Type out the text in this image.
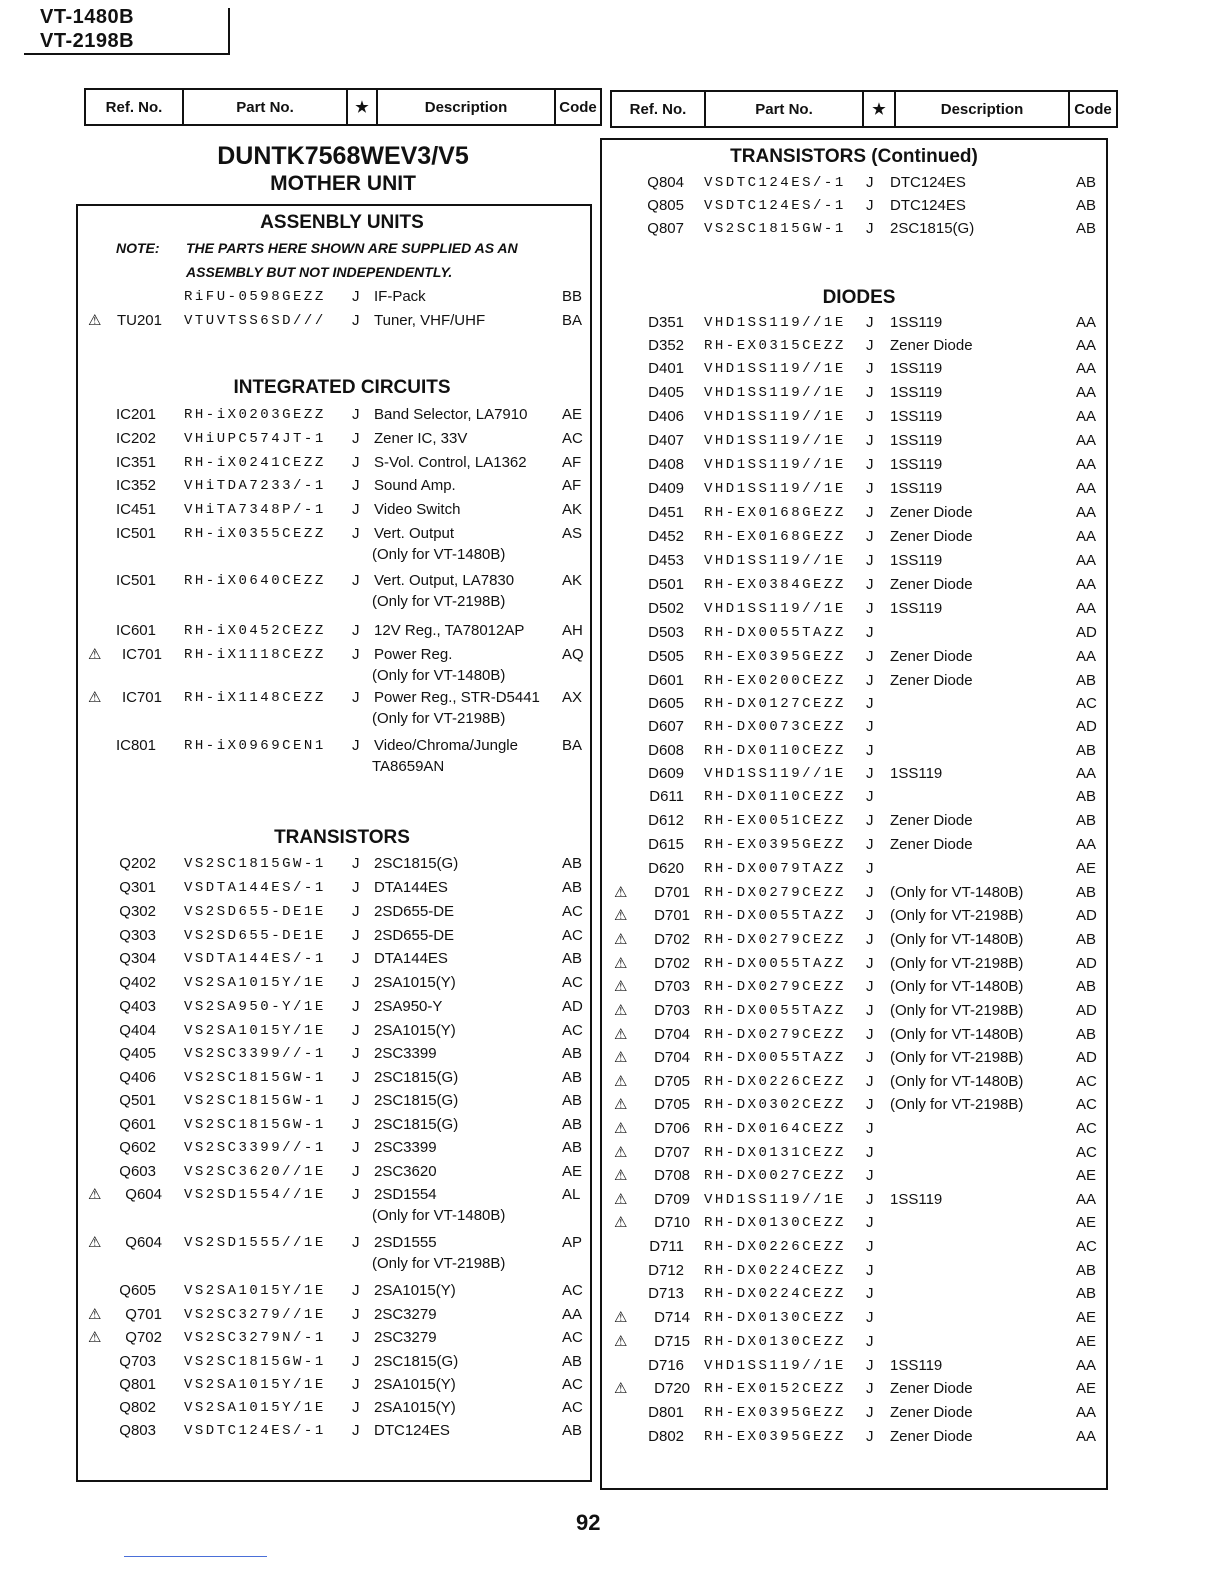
VT-1480B
VT-2198B
Ref. No.	Part No.	★	Description	Code	Ref. No.	Part No.	★	Description	Code
DUNTK7568WEV3/V5
MOTHER UNIT
ASSENBLY UNITS
NOTE: THE PARTS HERE SHOWN ARE SUPPLIED AS AN
ASSEMBLY BUT NOT INDEPENDENTLY.
INTEGRATED CIRCUITS
TRANSISTORS
TRANSISTORS (Continued)
DIODES
RiFU-0598GEZZ J IF-Pack	BB
⚠	TU201 VTUVTSS6SD/// J Tuner, VHF/UHF	BA
IC201 RH-iX0203GEZZ J Band Selector, LA7910 AE
IC202 VHiUPC574JT-1 J Zener IC, 33V	AC
IC351 RH-iX0241CEZZ J S-Vol. Control, LA1362 AF
IC352 VHiTDA7233/-1 J Sound Amp.	AF
IC451 VHiTA7348P/-1 J Video Switch	AK
IC501 RH-iX0355CEZZ J Vert. Output	AS
(Only for VT-1480B)
IC501 RH-iX0640CEZZ J Vert. Output, LA7830	AK
(Only for VT-2198B)
IC601 RH-iX0452CEZZ J 12V Reg., TA78012AP	AH
⚠	IC701 RH-iX1118CEZZ J Power Reg.	AQ
(Only for VT-1480B)
⚠	IC701 RH-iX1148CEZZ J Power Reg., STR-D5441 AX
(Only for VT-2198B)
IC801 RH-iX0969CEN1 J Video/Chroma/Jungle	BA
TA8659AN
Q202 VS2SC1815GW-1 J 2SC1815(G)	AB
Q301 VSDTA144ES/-1 J DTA144ES	AB
Q302 VS2SD655-DE1E J 2SD655-DE	AC
Q303 VS2SD655-DE1E J 2SD655-DE	AC
Q304 VSDTA144ES/-1 J DTA144ES	AB
Q402 VS2SA1015Y/1E J 2SA1015(Y)	AC
Q403 VS2SA950-Y/1E J 2SA950-Y	AD
Q404 VS2SA1015Y/1E J 2SA1015(Y)	AC
Q405 VS2SC3399//-1 J 2SC3399	AB
Q406 VS2SC1815GW-1 J 2SC1815(G)	AB
Q501 VS2SC1815GW-1 J 2SC1815(G)	AB
Q601 VS2SC1815GW-1 J 2SC1815(G)	AB
Q602 VS2SC3399//-1 J 2SC3399	AB
Q603 VS2SC3620//1E J 2SC3620	AE
⚠	Q604 VS2SD1554//1E J 2SD1554	AL
(Only for VT-1480B)
⚠	Q604 VS2SD1555//1E J 2SD1555	AP
(Only for VT-2198B)
Q605 VS2SA1015Y/1E J 2SA1015(Y)	AC
⚠	Q701 VS2SC3279//1E J 2SC3279	AA
⚠	Q702 VS2SC3279N/-1 J 2SC3279	AC
Q703 VS2SC1815GW-1 J 2SC1815(G)	AB
Q801 VS2SA1015Y/1E J 2SA1015(Y)	AC
Q802 VS2SA1015Y/1E J 2SA1015(Y)	AC
Q803 VSDTC124ES/-1 J DTC124ES	AB
Q804 VSDTC124ES/-1 J DTC124ES	AB
Q805 VSDTC124ES/-1 J DTC124ES	AB
Q807 VS2SC1815GW-1 J 2SC1815(G)	AB
D351 VHD1SS119//1E J 1SS119	AA
D352 RH-EX0315CEZZ J Zener Diode	AA
D401 VHD1SS119//1E J 1SS119	AA
D405 VHD1SS119//1E J 1SS119	AA
D406 VHD1SS119//1E J 1SS119	AA
D407 VHD1SS119//1E J 1SS119	AA
D408 VHD1SS119//1E J 1SS119	AA
D409 VHD1SS119//1E J 1SS119	AA
D451 RH-EX0168GEZZ J Zener Diode	AA
D452 RH-EX0168GEZZ J Zener Diode	AA
D453 VHD1SS119//1E J 1SS119	AA
D501 RH-EX0384GEZZ J Zener Diode	AA
D502 VHD1SS119//1E J 1SS119	AA
D503 RH-DX0055TAZZ J	AD
D505 RH-EX0395GEZZ J Zener Diode	AA
D601 RH-EX0200CEZZ J Zener Diode	AB
D605 RH-DX0127CEZZ J	AC
D607 RH-DX0073CEZZ J	AD
D608 RH-DX0110CEZZ J	AB
D609 VHD1SS119//1E J 1SS119	AA
D611 RH-DX0110CEZZ J	AB
D612 RH-EX0051CEZZ J Zener Diode	AB
D615 RH-EX0395GEZZ J Zener Diode	AA
D620 RH-DX0079TAZZ J	AE
⚠	D701 RH-DX0279CEZZ J (Only for VT-1480B)	AB
⚠	D701 RH-DX0055TAZZ J (Only for VT-2198B)	AD
⚠	D702 RH-DX0279CEZZ J (Only for VT-1480B)	AB
⚠	D702 RH-DX0055TAZZ J (Only for VT-2198B)	AD
⚠	D703 RH-DX0279CEZZ J (Only for VT-1480B)	AB
⚠	D703 RH-DX0055TAZZ J (Only for VT-2198B)	AD
⚠	D704 RH-DX0279CEZZ J (Only for VT-1480B)	AB
⚠	D704 RH-DX0055TAZZ J (Only for VT-2198B)	AD
⚠	D705 RH-DX0226CEZZ J (Only for VT-1480B)	AC
⚠	D705 RH-DX0302CEZZ J (Only for VT-2198B)	AC
⚠	D706 RH-DX0164CEZZ J	AC
⚠	D707 RH-DX0131CEZZ J	AC
⚠	D708 RH-DX0027CEZZ J	AE
⚠	D709 VHD1SS119//1E J 1SS119	AA
⚠	D710 RH-DX0130CEZZ J	AE
D711 RH-DX0226CEZZ J	AC
D712 RH-DX0224CEZZ J	AB
D713 RH-DX0224CEZZ J	AB
⚠	D714 RH-DX0130CEZZ J	AE
⚠	D715 RH-DX0130CEZZ J	AE
D716 VHD1SS119//1E J 1SS119	AA
⚠	D720 RH-EX0152CEZZ J Zener Diode	AE
D801 RH-EX0395GEZZ J Zener Diode	AA
D802 RH-EX0395GEZZ J Zener Diode	AA
92
